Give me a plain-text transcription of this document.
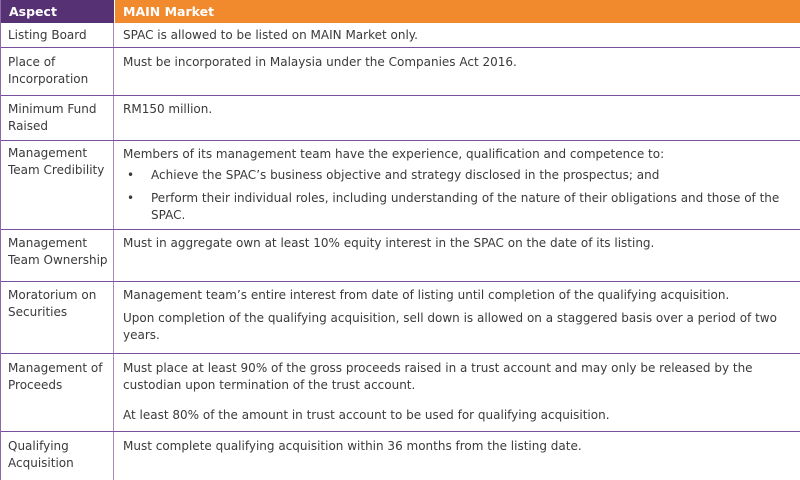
Aspect	MAIN Market
Listing Board	SPAC is allowed to be listed on MAIN Market only.
Place of Incorporation
Must be incorporated in Malaysia under the Companies Act 2016.
Minimum Fund Raised
RM150 million.
Management Team Credibility
Members of its management team have the experience, qualification and competence to:
• Achieve the SPAC’s business objective and strategy disclosed in the prospectus; and
• Perform their individual roles, including understanding of the nature of their obligations and those of the SPAC.
Management Team Ownership
Must in aggregate own at least 10% equity interest in the SPAC on the date of its listing.
Moratorium on Securities
Management team’s entire interest from date of listing until completion of the qualifying acquisition.
Upon completion of the qualifying acquisition, sell down is allowed on a staggered basis over a period of two
years.
Management of Proceeds
Must place at least 90% of the gross proceeds raised in a trust account and may only be released by the
custodian upon termination of the trust account.
At least 80% of the amount in trust account to be used for qualifying acquisition.
Qualifying Acquisition
Must complete qualifying acquisition within 36 months from the listing date.
